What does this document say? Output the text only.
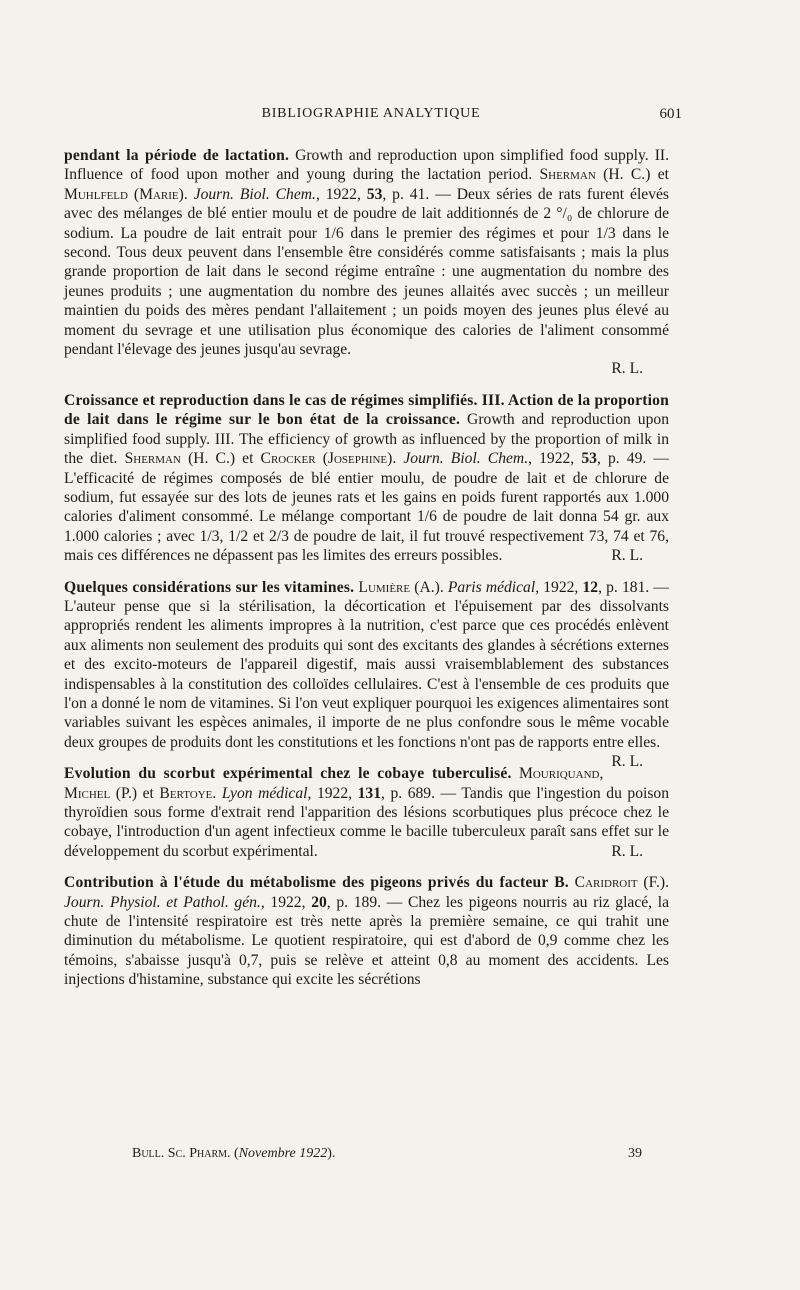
BIBLIOGRAPHIE ANALYTIQUE	601

pendant la période de lactation. Growth and reproduction upon simplified food supply. II. Influence of food upon mother and young during the lactation period. Sherman (H. C.) et Muhlfeld (Marie). Journ. Biol. Chem., 1922, 53, p. 41. — Deux séries de rats furent élevés avec des mélanges de blé entier moulu et de poudre de lait additionnés de 2 °/₀ de chlorure de sodium. La poudre de lait entrait pour 1/6 dans le premier des régimes et pour 1/3 dans le second. Tous deux peuvent dans l'ensemble être considérés comme satisfaisants ; mais la plus grande proportion de lait dans le second régime entraîne : une augmentation du nombre des jeunes produits ; une augmentation du nombre des jeunes allaités avec succès ; un meilleur maintien du poids des mères pendant l'allaitement ; un poids moyen des jeunes plus élevé au moment du sevrage et une utilisation plus économique des calories de l'aliment consommé pendant l'élevage des jeunes jusqu'au sevrage.

R. L.

Croissance et reproduction dans le cas de régimes simplifiés. III. Action de la proportion de lait dans le régime sur le bon état de la croissance. Growth and reproduction upon simplified food supply. III. The efficiency of growth as influenced by the proportion of milk in the diet. Sherman (H. C.) et Crocker (Josephine). Journ. Biol. Chem., 1922, 53, p. 49. — L'efficacité de régimes composés de blé entier moulu, de poudre de lait et de chlorure de sodium, fut essayée sur des lots de jeunes rats et les gains en poids furent rapportés aux 1.000 calories d'aliment consommé. Le mélange comportant 1/6 de poudre de lait donna 54 gr. aux 1.000 calories ; avec 1/3, 1/2 et 2/3 de poudre de lait, il fut trouvé respectivement 73, 74 et 76, mais ces différences ne dépassent pas les limites des erreurs possibles.	R. L.

Quelques considérations sur les vitamines. Lumière (A.). Paris médical, 1922, 12, p. 181. — L'auteur pense que si la stérilisation, la décortication et l'épuisement par des dissolvants appropriés rendent les aliments impropres à la nutrition, c'est parce que ces procédés enlèvent aux aliments non seulement des produits qui sont des excitants des glandes à sécrétions externes et des excito-moteurs de l'appareil digestif, mais aussi vraisemblablement des substances indispensables à la constitution des colloïdes cellulaires. C'est à l'ensemble de ces produits que l'on a donné le nom de vitamines. Si l'on veut expliquer pourquoi les exigences alimentaires sont variables suivant les espèces animales, il importe de ne plus confondre sous le même vocable deux groupes de produits dont les constitutions et les fonctions n'ont pas de rapports entre elles.
R. L.

Evolution du scorbut expérimental chez le cobaye tuberculisé. Mouriquand, Michel (P.) et Bertoye. Lyon médical, 1922, 131, p. 689. — Tandis que l'ingestion du poison thyroïdien sous forme d'extrait rend l'apparition des lésions scorbutiques plus précoce chez le cobaye, l'introduction d'un agent infectieux comme le bacille tuberculeux paraît sans effet sur le développement du scorbut expérimental.	R. L.

Contribution à l'étude du métabolisme des pigeons privés du facteur B. Caridroit (F.). Journ. Physiol. et Pathol. gén., 1922, 20, p. 189. — Chez les pigeons nourris au riz glacé, la chute de l'intensité respiratoire est très nette après la première semaine, ce qui trahit une diminution du métabolisme. Le quotient respiratoire, qui est d'abord de 0,9 comme chez les témoins, s'abaisse jusqu'à 0,7, puis se relève et atteint 0,8 au moment des accidents. Les injections d'histamine, substance qui excite les sécrétions

Bull. Sc. Pharm. (Novembre 1922).	39
